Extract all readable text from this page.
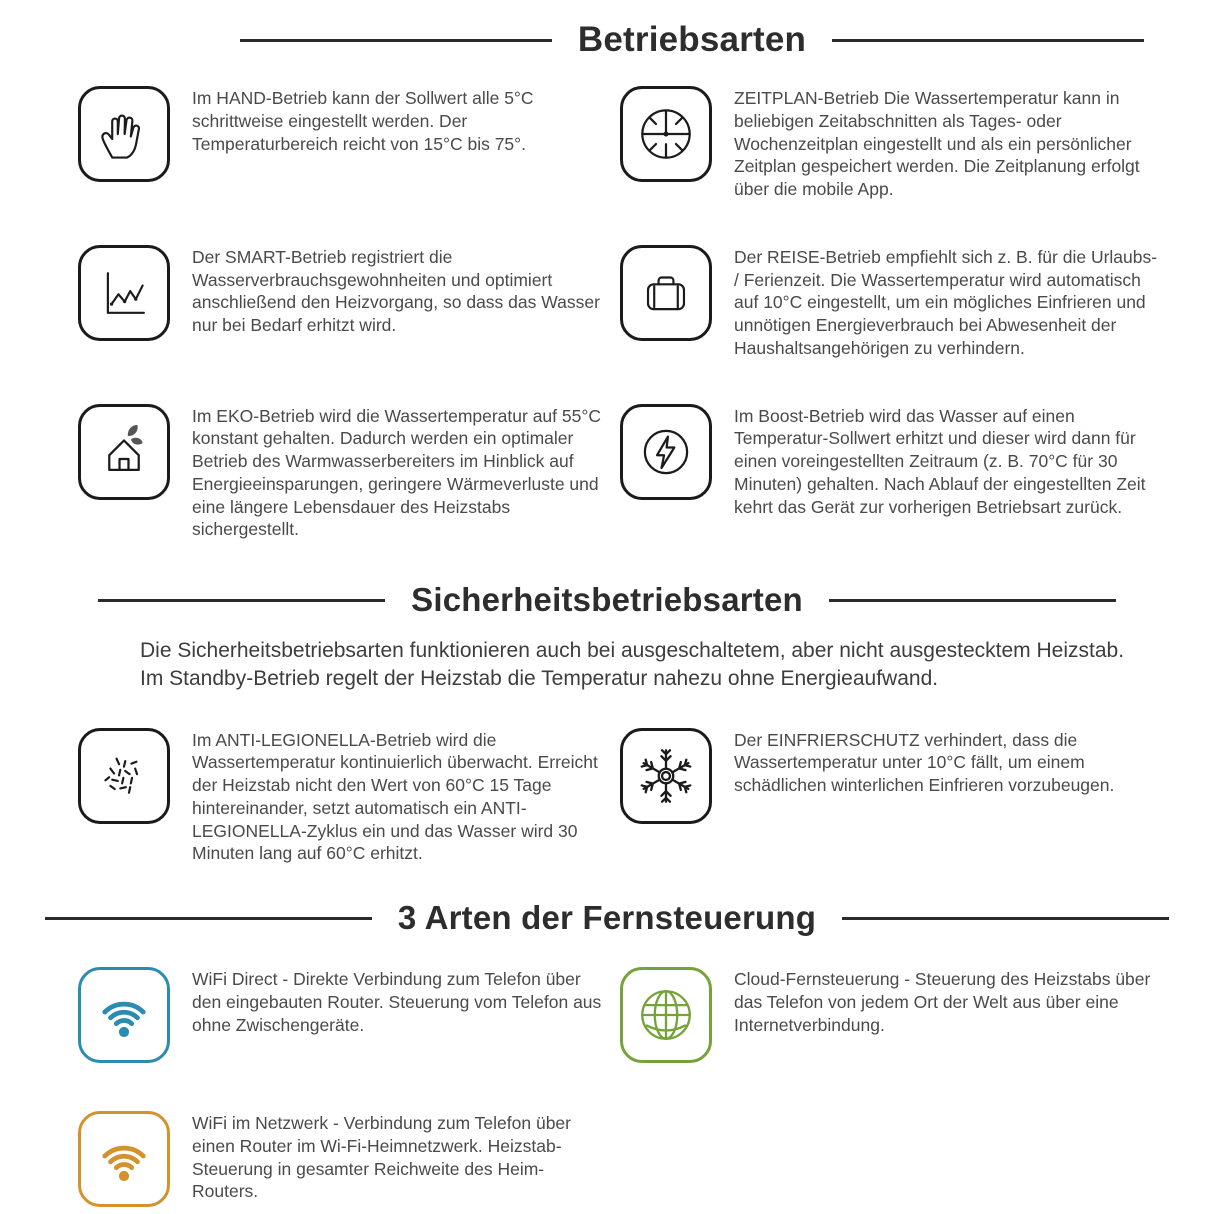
Betriebsarten
Im HAND-Betrieb kann der Sollwert alle 5°C schrittweise eingestellt werden. Der Temperaturbereich reicht von 15°C bis 75°.
ZEITPLAN-Betrieb Die Wassertemperatur kann in beliebigen Zeitabschnitten als Tages- oder Wochenzeitplan eingestellt und als ein persönlicher Zeitplan gespeichert werden. Die Zeitplanung erfolgt über die mobile App.
Der SMART-Betrieb registriert die Wasserverbrauchsgewohnheiten und optimiert anschließend den Heizvorgang, so dass das Wasser nur bei Bedarf erhitzt wird.
Der REISE-Betrieb empfiehlt sich z. B. für die Urlaubs- / Ferienzeit. Die Wassertemperatur wird automatisch auf 10°C eingestellt, um ein mögliches Einfrieren und unnötigen Energieverbrauch bei Abwesenheit der Haushaltsangehörigen zu verhindern.
Im EKO-Betrieb wird die Wassertemperatur auf 55°C konstant gehalten. Dadurch werden ein optimaler Betrieb des Warmwasserbereiters im Hinblick auf Energieeinsparungen, geringere Wärmeverluste und eine längere Lebensdauer des Heizstabs sichergestellt.
Im Boost-Betrieb wird das Wasser auf einen Temperatur-Sollwert erhitzt und dieser wird dann für einen voreingestellten Zeitraum (z. B. 70°C für 30 Minuten) gehalten. Nach Ablauf der eingestellten Zeit kehrt das Gerät zur vorherigen Betriebsart zurück.
Sicherheitsbetriebsarten
Die Sicherheitsbetriebsarten funktionieren auch bei ausgeschaltetem, aber nicht ausgestecktem Heizstab. Im Standby-Betrieb regelt der Heizstab die Temperatur nahezu ohne Energieaufwand.
Im ANTI-LEGIONELLA-Betrieb wird die Wassertemperatur kontinuierlich überwacht. Erreicht der Heizstab nicht den Wert von 60°C 15 Tage hintereinander, setzt automatisch ein ANTI-LEGIONELLA-Zyklus ein und das Wasser wird 30 Minuten lang auf 60°C erhitzt.
Der EINFRIERSCHUTZ verhindert, dass die Wassertemperatur unter 10°C fällt, um einem schädlichen winterlichen Einfrieren vorzubeugen.
3 Arten der Fernsteuerung
WiFi Direct - Direkte Verbindung zum Telefon über den eingebauten Router. Steuerung vom Telefon aus ohne Zwischengeräte.
Cloud-Fernsteuerung - Steuerung des Heizstabs über das Telefon von jedem Ort der Welt aus über eine Internetverbindung.
WiFi im Netzwerk - Verbindung zum Telefon über einen Router im Wi-Fi-Heimnetzwerk. Heizstab-Steuerung in gesamter Reichweite des Heim-Routers.
